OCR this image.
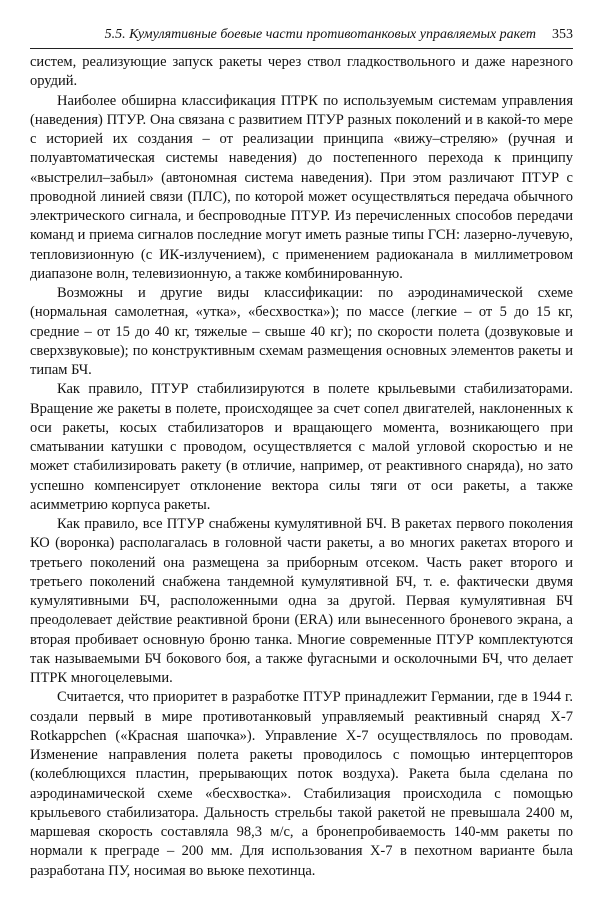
5.5. Кумулятивные боевые части противотанковых управляемых ракет 353

систем, реализующие запуск ракеты через ствол гладкоствольного и даже нарезного орудий.

Наиболее обширна классификация ПТРК по используемым системам управления (наведения) ПТУР. Она связана с развитием ПТУР разных поколений и в какой-то мере с историей их создания – от реализации принципа «вижу–стреляю» (ручная и полуавтоматическая системы наведения) до постепенного перехода к принципу «выстрелил–забыл» (автономная система наведения). При этом различают ПТУР с проводной линией связи (ПЛС), по которой может осуществляться передача обычного электрического сигнала, и беспроводные ПТУР. Из перечисленных способов передачи команд и приема сигналов последние могут иметь разные типы ГСН: лазерно-лучевую, тепловизионную (с ИК-излучением), с применением радиоканала в миллиметровом диапазоне волн, телевизионную, а также комбинированную.

Возможны и другие виды классификации: по аэродинамической схеме (нормальная самолетная, «утка», «бесхвостка»); по массе (легкие – от 5 до 15 кг, средние – от 15 до 40 кг, тяжелые – свыше 40 кг); по скорости полета (дозвуковые и сверхзвуковые); по конструктивным схемам размещения основных элементов ракеты и типам БЧ.

Как правило, ПТУР стабилизируются в полете крыльевыми стабилизаторами. Вращение же ракеты в полете, происходящее за счет сопел двигателей, наклоненных к оси ракеты, косых стабилизаторов и вращающего момента, возникающего при сматывании катушки с проводом, осуществляется с малой угловой скоростью и не может стабилизировать ракету (в отличие, например, от реактивного снаряда), но зато успешно компенсирует отклонение вектора силы тяги от оси ракеты, а также асимметрию корпуса ракеты.

Как правило, все ПТУР снабжены кумулятивной БЧ. В ракетах первого поколения КО (воронка) располагалась в головной части ракеты, а во многих ракетах второго и третьего поколений она размещена за приборным отсеком. Часть ракет второго и третьего поколений снабжена тандемной кумулятивной БЧ, т. е. фактически двумя кумулятивными БЧ, расположенными одна за другой. Первая кумулятивная БЧ преодолевает действие реактивной брони (ERA) или вынесенного броневого экрана, а вторая пробивает основную броню танка. Многие современные ПТУР комплектуются так называемыми БЧ бокового боя, а также фугасными и осколочными БЧ, что делает ПТРК многоцелевыми.

Считается, что приоритет в разработке ПТУР принадлежит Германии, где в 1944 г. создали первый в мире противотанковый управляемый реактивный снаряд Х-7 Rotkappchen («Красная шапочка»). Управление Х-7 осуществлялось по проводам. Изменение направления полета ракеты проводилось с помощью интерцепторов (колеблющихся пластин, прерывающих поток воздуха). Ракета была сделана по аэродинамической схеме «бесхвостка». Стабилизация происходила с помощью крыльевого стабилизатора. Дальность стрельбы такой ракетой не превышала 2400 м, маршевая скорость составляла 98,3 м/с, а бронепробиваемость 140-мм ракеты по нормали к преграде – 200 мм. Для использования Х-7 в пехотном варианте была разработана ПУ, носимая во вьюке пехотинца.
